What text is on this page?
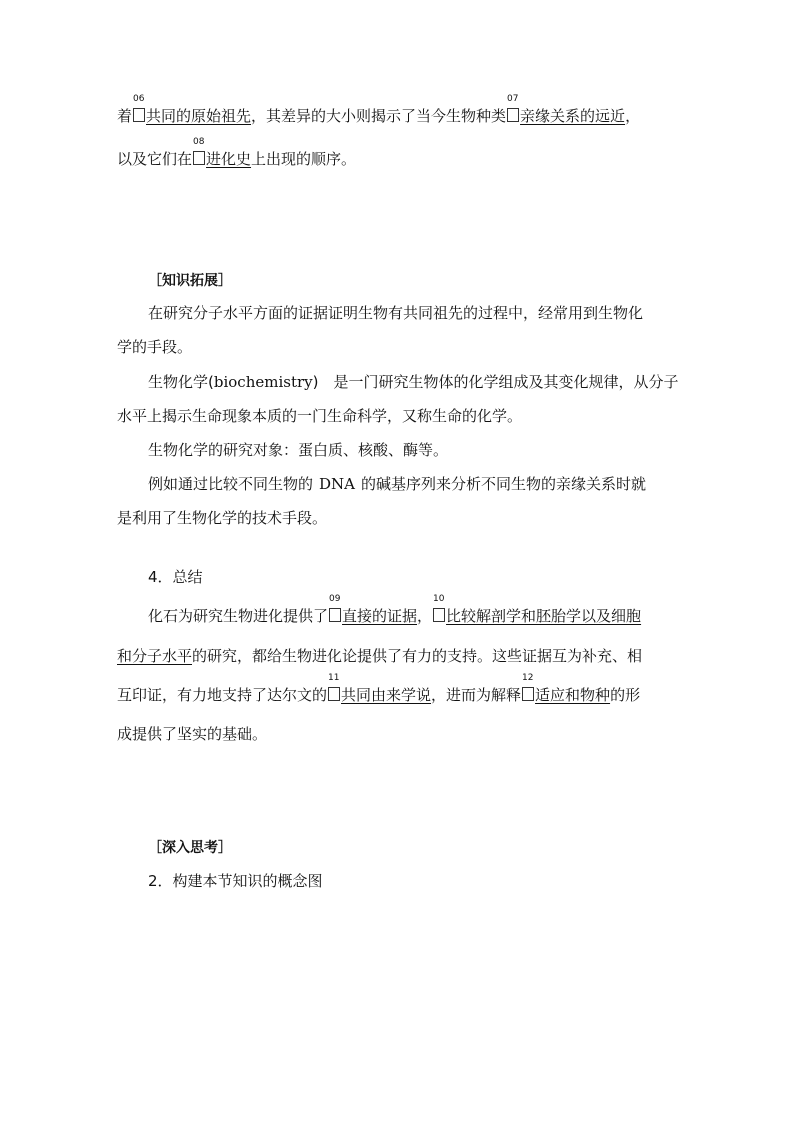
着
06
共同的原始祖先，其差异的大小则揭示了当今生物种类
07
亲缘关系的远近，
以及它们在
08
进化史上出现的顺序。
［知识拓展］
在研究分子水平方面的证据证明生物有共同祖先的过程中，经常用到生物化
学的手段。
生物化学(biochemistry)　是一门研究生物体的化学组成及其变化规律，从分子
水平上揭示生命现象本质的一门生命科学，又称生命的化学。
生物化学的研究对象：蛋白质、核酸、酶等。
例如通过比较不同生物的 DNA 的碱基序列来分析不同生物的亲缘关系时就
是利用了生物化学的技术手段。
4．总结
化石为研究生物进化提供了
09
直接的证据，
10
比较解剖学和胚胎学以及细胞
和分子水平的研究，都给生物进化论提供了有力的支持。这些证据互为补充、相
互印证，有力地支持了达尔文的
11
共同由来学说，进而为解释
12
适应和物种的形
成提供了坚实的基础。
［深入思考］
2．构建本节知识的概念图
